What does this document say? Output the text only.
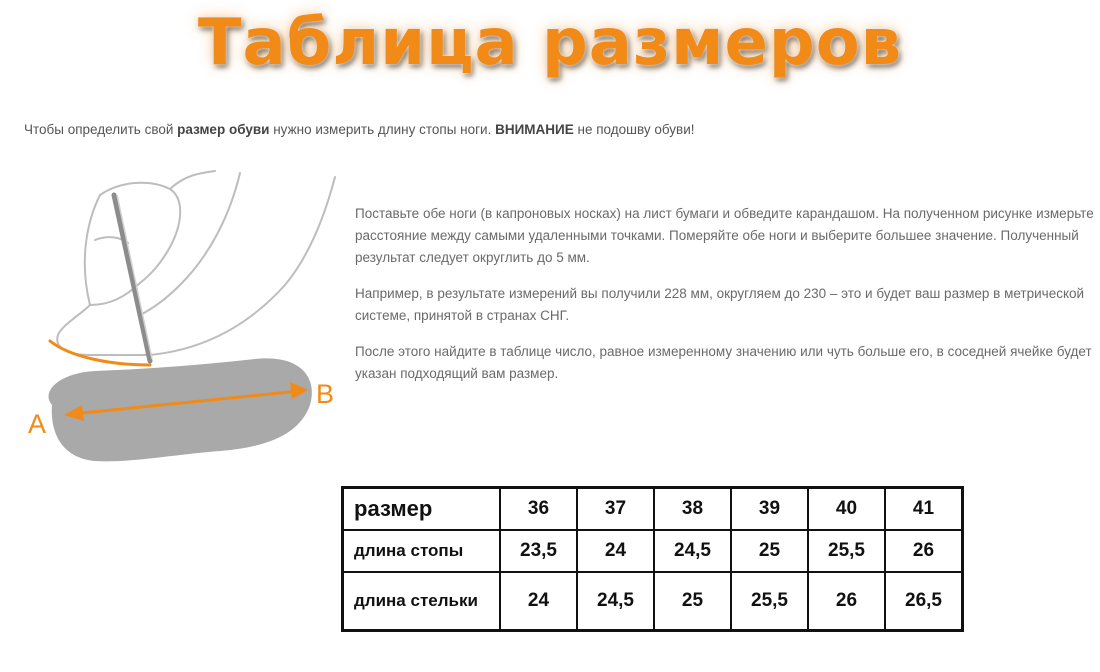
Таблица размеров
Чтобы определить свой размер обуви нужно измерить длину стопы ноги. ВНИМАНИЕ не подошву обуви!
A
B

Поставьте обе ноги (в капроновых носках) на лист бумаги и обведите карандашом. На полученном рисунке измерьте расстояние между самыми удаленными точками. Померяйте обе ноги и выберите большее значение. Полученный результат следует округлить до 5 мм.

Например, в результате измерений вы получили 228 мм, округляем до 230 – это и будет ваш размер в метрической системе, принятой в странах СНГ.

После этого найдите в таблице число, равное измеренному значению или чуть больше его, в соседней ячейке будет указан подходящий вам размер.

размер	36	37	38	39	40	41
длина стопы	23,5	24	24,5	25	25,5	26
длина стельки	24	24,5	25	25,5	26	26,5
